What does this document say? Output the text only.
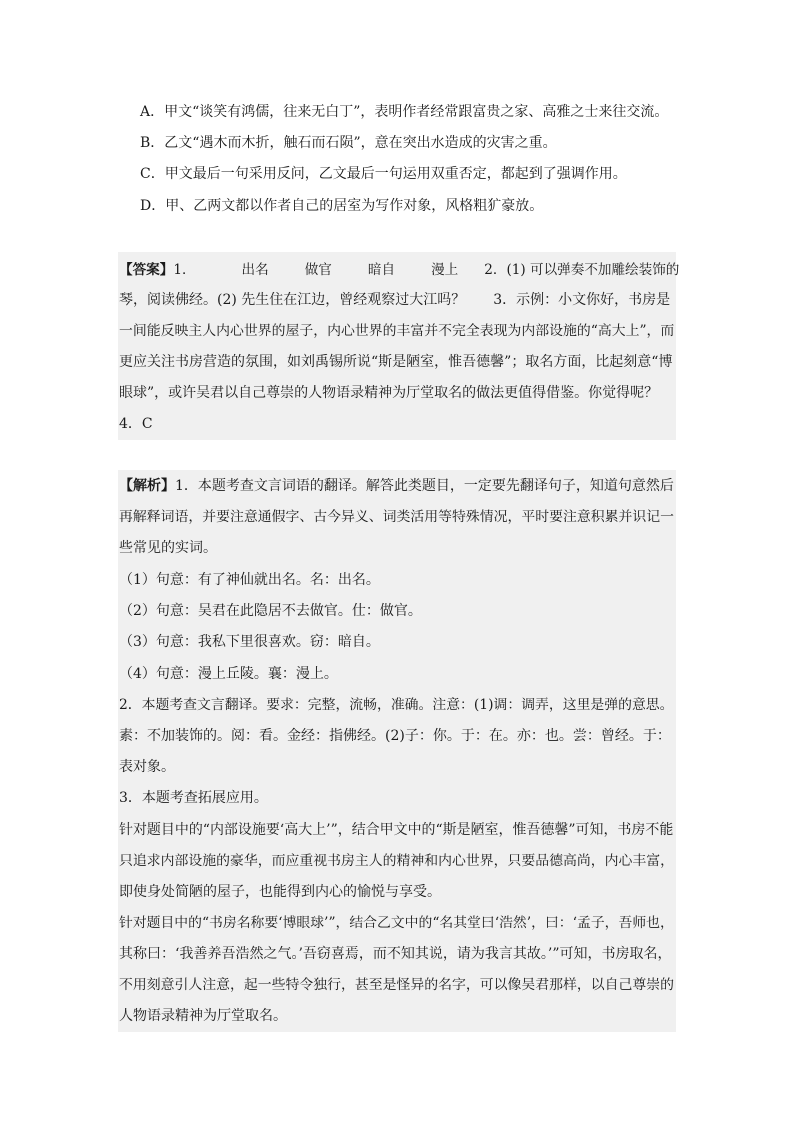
A．甲文“谈笑有鸿儒，往来无白丁”，表明作者经常跟富贵之家、高雅之士来往交流。
B．乙文“遇木而木折，触石而石陨”，意在突出水造成的灾害之重。
C．甲文最后一句采用反问，乙文最后一句运用双重否定，都起到了强调作用。
D．甲、乙两文都以作者自己的居室为写作对象，风格粗犷豪放。
【答案】1．	出名	做官	暗自	漫上 2．(1) 可以弹奏不加雕绘装饰的
琴，阅读佛经。(2) 先生住在江边，曾经观察过大江吗？　　3．示例：小文你好，书房是
一间能反映主人内心世界的屋子，内心世界的丰富并不完全表现为内部设施的“高大上”，而
更应关注书房营造的氛围，如刘禹锡所说“斯是陋室，惟吾德馨”；取名方面，比起刻意“博
眼球”，或许吴君以自己尊崇的人物语录精神为厅堂取名的做法更值得借鉴。你觉得呢？
4．C
【解析】1．本题考查文言词语的翻译。解答此类题目，一定要先翻译句子，知道句意然后
再解释词语，并要注意通假字、古今异义、词类活用等特殊情况，平时要注意积累并识记一
些常见的实词。
（1）句意：有了神仙就出名。名：出名。
（2）句意：吴君在此隐居不去做官。仕：做官。
（3）句意：我私下里很喜欢。窃：暗自。
（4）句意：漫上丘陵。襄：漫上。
2．本题考查文言翻译。要求：完整，流畅，准确。注意：(1)调：调弄，这里是弹的意思。
素：不加装饰的。阅：看。金经：指佛经。(2)子：你。于：在。亦：也。尝：曾经。于：
表对象。
3．本题考查拓展应用。
针对题目中的“内部设施要‘高大上’”，结合甲文中的“斯是陋室，惟吾德馨”可知，书房不能
只追求内部设施的豪华，而应重视书房主人的精神和内心世界，只要品德高尚，内心丰富，
即使身处简陋的屋子，也能得到内心的愉悦与享受。
针对题目中的“书房名称要‘博眼球’”，结合乙文中的“名其堂曰‘浩然’，曰：‘孟子，吾师也，
其称曰：‘我善养吾浩然之气。’吾窃喜焉，而不知其说，请为我言其故。’”可知，书房取名，
不用刻意引人注意，起一些特令独行，甚至是怪异的名字，可以像吴君那样，以自己尊崇的
人物语录精神为厅堂取名。
